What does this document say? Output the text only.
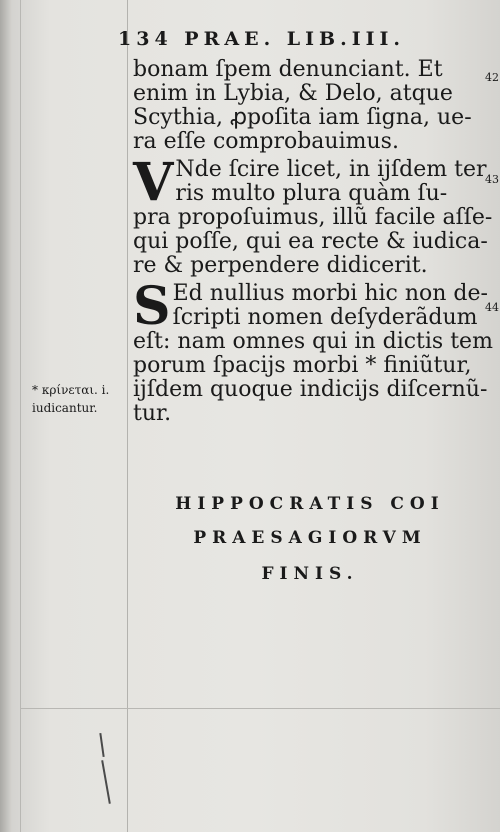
134 PRAE. LIB.III.
42
bonam ſpem denunciant. Et
enim in Lybia, & Delo, atque
Scythia, ꝓpoſita iam ſigna, ue-
ra eſſe comprobauimus.
43
V Nde ſcire licet, in ijſdem ter
ris multo plura quàm ſu-
pra propoſuimus, illũ facile aſſe-
qui poſſe, qui ea recte & iudica-
re & perpendere didicerit.
44
S Ed nullius morbi hic non de-
ſcripti nomen deſyderãdum
eſt: nam omnes qui in dictis tem
porum ſpacijs morbi * finiũtur,
ijſdem quoque indicijs diſcernũ-
tur.
* κρίνεται. i.
iudicantur.
HIPPOCRATIS COI
PRAESAGIORVM
FINIS.
